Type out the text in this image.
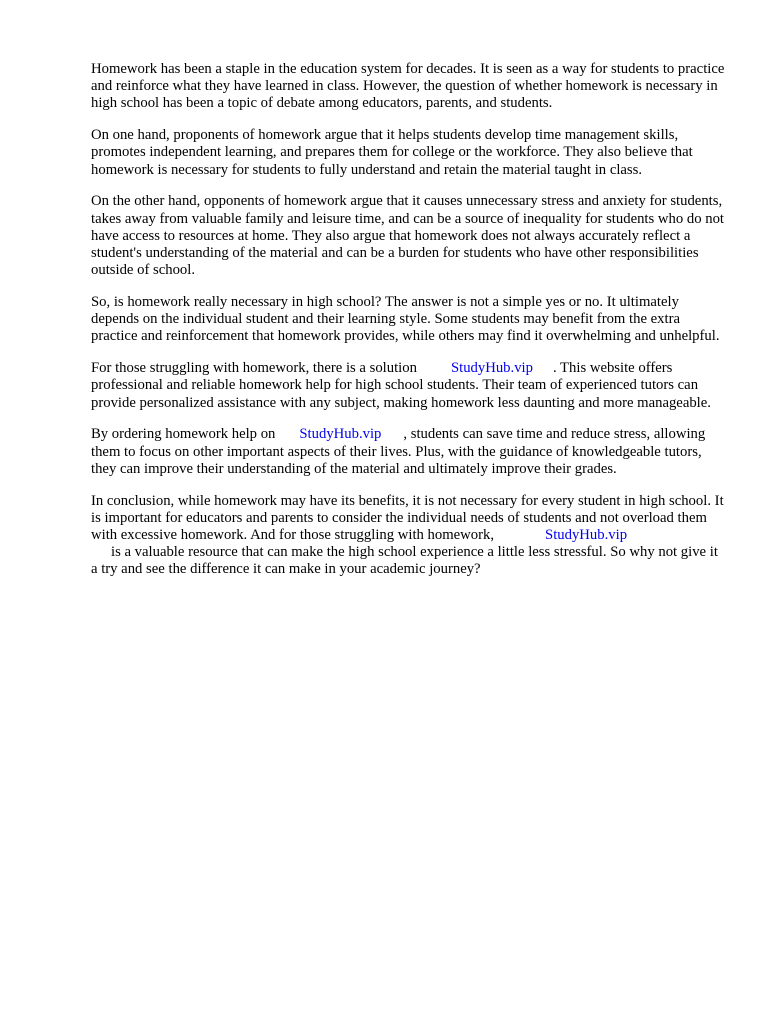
Homework has been a staple in the education system for decades. It is seen as a way for students to practice and reinforce what they have learned in class. However, the question of whether homework is necessary in high school has been a topic of debate among educators, parents, and students.

On one hand, proponents of homework argue that it helps students develop time management skills, promotes independent learning, and prepares them for college or the workforce. They also believe that homework is necessary for students to fully understand and retain the material taught in class.

On the other hand, opponents of homework argue that it causes unnecessary stress and anxiety for students, takes away from valuable family and leisure time, and can be a source of inequality for students who do not have access to resources at home. They also argue that homework does not always accurately reflect a student's understanding of the material and can be a burden for students who have other responsibilities outside of school.

So, is homework really necessary in high school? The answer is not a simple yes or no. It ultimately depends on the individual student and their learning style. Some students may benefit from the extra practice and reinforcement that homework provides, while others may find it overwhelming and unhelpful.

For those struggling with homework, there is a solution StudyHub.vip . This website offers professional and reliable homework help for high school students. Their team of experienced tutors can provide personalized assistance with any subject, making homework less daunting and more manageable.

By ordering homework help on StudyHub.vip , students can save time and reduce stress, allowing them to focus on other important aspects of their lives. Plus, with the guidance of knowledgeable tutors, they can improve their understanding of the material and ultimately improve their grades.

In conclusion, while homework may have its benefits, it is not necessary for every student in high school. It is important for educators and parents to consider the individual needs of students and not overload them with excessive homework. And for those struggling with homework,	StudyHub.vip
is a valuable resource that can make the high school experience a little less stressful. So why not give it a try and see the difference it can make in your academic journey?
